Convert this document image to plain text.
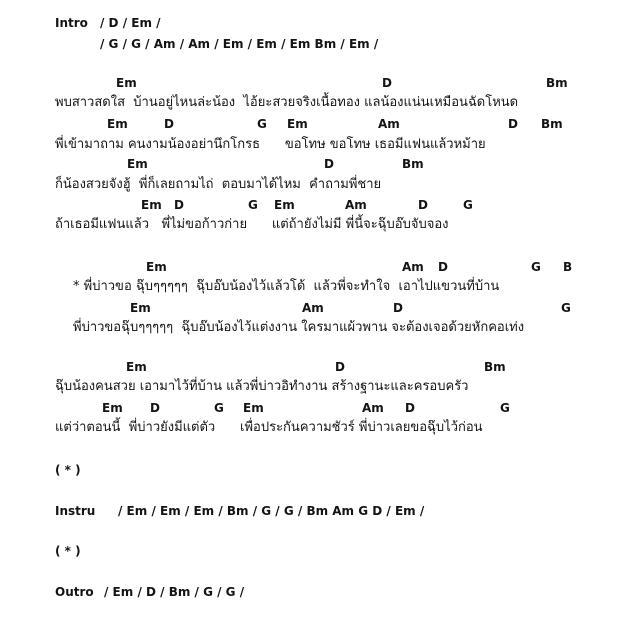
Intro / D / Em /
/ G / G / Am / Am / Em / Em / Em Bm / Em /
Em	D	Bm
พบสาวสดใส  บ้านอยู่ไหนล่ะน้อง  ไอ้ยะสวยจริงเนื้อทอง แลน้องแน่นเหมือนฉัดโหนด
Em	D	G Em	Am	D Bm
พี่เข้ามาถาม คนงามน้องอย่านึกโกรธ      ขอโทษ ขอโทษ เธอมีแฟนแล้วหม้าย
Em	D	Bm
ก็น้องสวยจังฮู้  พี่ก็เลยถามไถ่  ตอบมาได้ไหม  คำถามพี่ชาย
Em D	G Em	Am	D	G
ถ้าเธอมีแฟนแล้ว   พี่ไม่ขอก้าวก่าย      แต่ถ้ายังไม่มี พี่นี้จะฉุ๊บอ๊บจับจอง
Em	Am D	G B
* พี่บ่าวขอ ฉุ๊บๆๆๆๆๆ  ฉุ๊บอ๊บน้องไว้แล้วโด้  แล้วพี่จะทำใจ  เอาไปแขวนที่บ้าน
Em	Am	D	G
พี่บ่าวขอฉุ๊บๆๆๆๆๆ  ฉุ๊บอ๊บน้องไว้แต่งงาน ใครมาแผ้วพาน จะต้องเจอด้วยหักคอเท่ง
Em	D	Bm
ฉุ๊บน้องคนสวย เอามาไว้ที่บ้าน แล้วพี่บ่าวอิทำงาน สร้างฐานะและครอบครัว
Em D	G Em	Am D	G
แต่ว่าตอนนี้  พี่บ่าวยังมีแต่ตัว      เพื่อประกันความชัวร์ พี่บ่าวเลยขอฉุ๊บไว้ก่อน
( * )
Instru / Em / Em / Em / Bm / G / G / Bm Am G D / Em /
( * )
Outro / Em / D / Bm / G / G /
